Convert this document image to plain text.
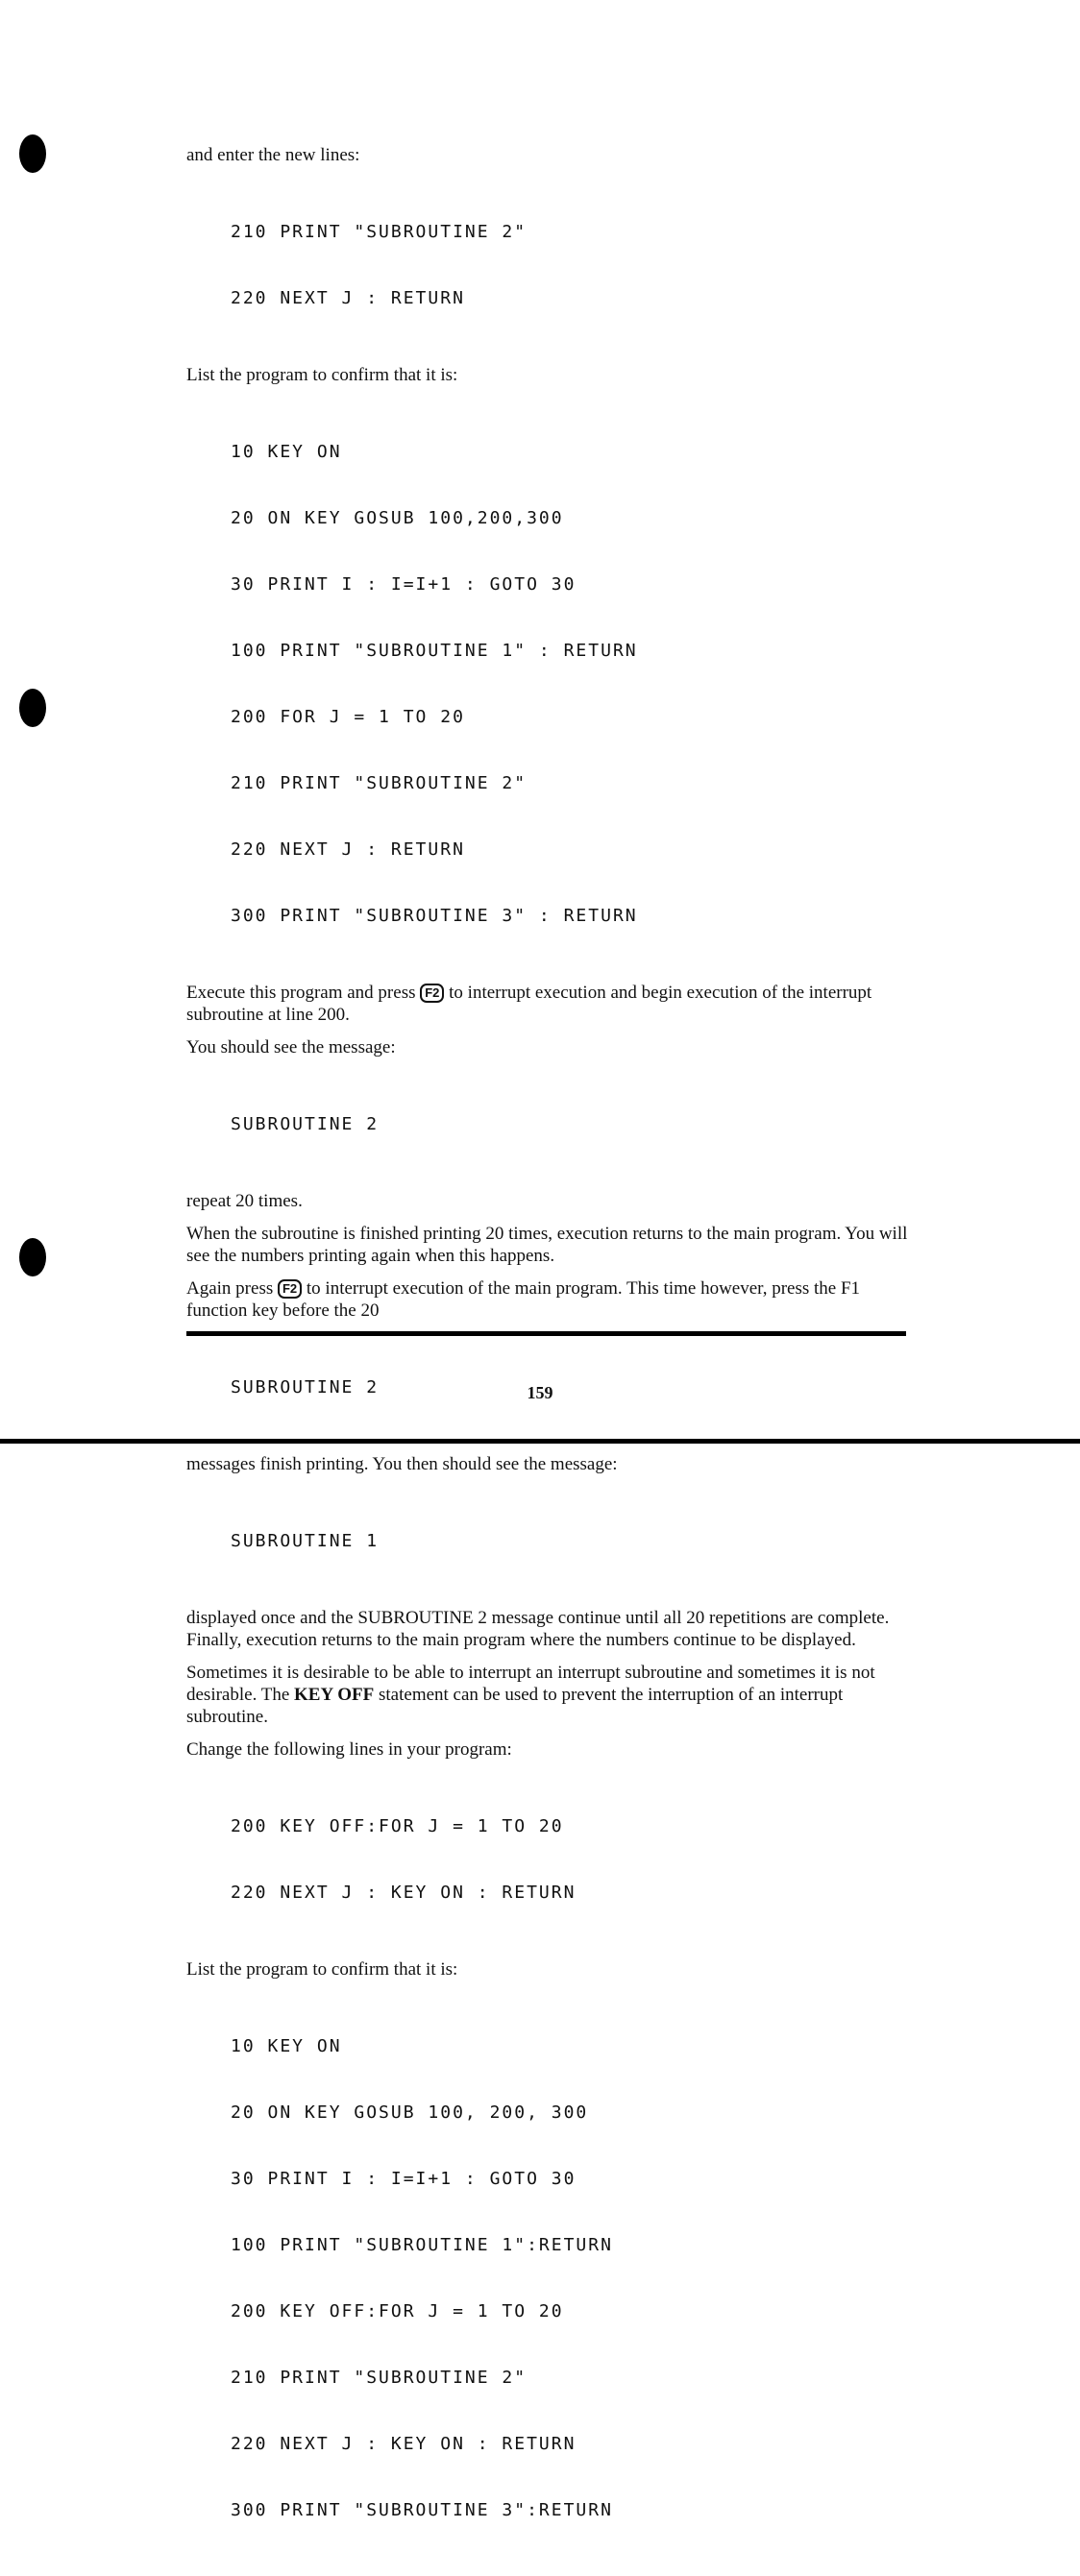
and enter the new lines:

210 PRINT "SUBROUTINE 2"

220 NEXT J : RETURN

List the program to confirm that it is:

10 KEY ON

20 ON KEY GOSUB 100,200,300

30 PRINT I : I=I+1 : GOTO 30

100 PRINT "SUBROUTINE 1" : RETURN

200 FOR J = 1 TO 20

210 PRINT "SUBROUTINE 2"

220 NEXT J : RETURN

300 PRINT "SUBROUTINE 3" : RETURN

Execute this program and press F2 to interrupt execution and begin execution of the interrupt subroutine at line 200.

You should see the message:

SUBROUTINE 2

repeat 20 times.

When the subroutine is finished printing 20 times, execution returns to the main program. You will see the numbers printing again when this happens.

Again press F2 to interrupt execution of the main program. This time however, press the F1 function key before the 20

SUBROUTINE 2

messages finish printing. You then should see the message:

SUBROUTINE 1

displayed once and the SUBROUTINE 2 message continue until all 20 repetitions are complete. Finally, execution returns to the main program where the numbers continue to be displayed.

Sometimes it is desirable to be able to interrupt an interrupt subroutine and sometimes it is not desirable. The KEY OFF statement can be used to prevent the interruption of an interrupt subroutine.

Change the following lines in your program:

200 KEY OFF:FOR J = 1 TO 20

220 NEXT J : KEY ON : RETURN

List the program to confirm that it is:

10 KEY ON

20 ON KEY GOSUB 100, 200, 300

30 PRINT I : I=I+1 : GOTO 30

100 PRINT "SUBROUTINE 1":RETURN

200 KEY OFF:FOR J = 1 TO 20

210 PRINT "SUBROUTINE 2"

220 NEXT J : KEY ON : RETURN

300 PRINT "SUBROUTINE 3":RETURN

159
